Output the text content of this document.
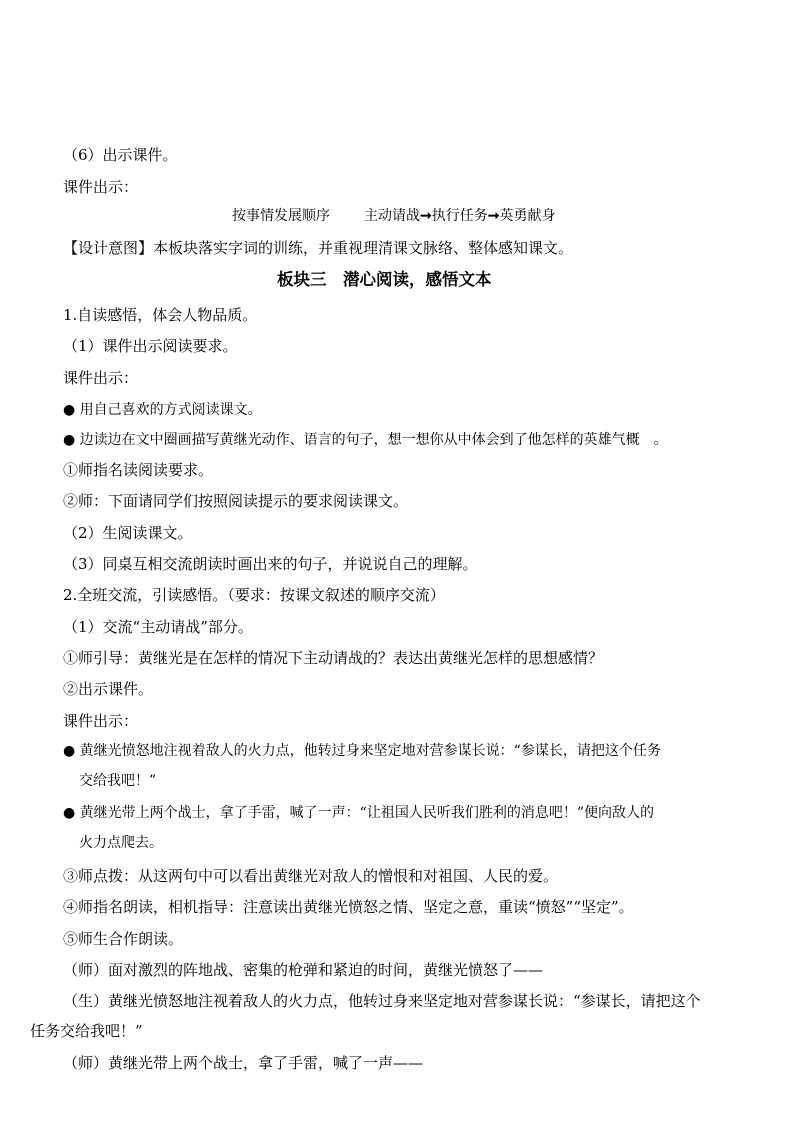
（6）出示课件。
课件出示：
按事情发展顺序 主动请战➞执行任务➞英勇献身
【设计意图】本板块落实字词的训练，并重视理清课文脉络、整体感知课文。
板块三　潜心阅读，感悟文本
1.自读感悟，体会人物品质。
（1）课件出示阅读要求。
课件出示：
● 用自己喜欢的方式阅读课文。
● 边读边在文中圈画描写黄继光动作、语言的句子，想一想你从中体会到了他怎样的英雄气概　。
①师指名读阅读要求。
②师：下面请同学们按照阅读提示的要求阅读课文。
（2）生阅读课文。
（3）同桌互相交流朗读时画出来的句子，并说说自己的理解。
2.全班交流，引读感悟。（要求：按课文叙述的顺序交流）
（1）交流“主动请战”部分。
①师引导：黄继光是在怎样的情况下主动请战的？表达出黄继光怎样的思想感情？
②出示课件。
课件出示：
● 黄继光愤怒地注视着敌人的火力点，他转过身来坚定地对营参谋长说：“参谋长，请把这个任务
交给我吧！”
● 黄继光带上两个战士，拿了手雷，喊了一声：“让祖国人民听我们胜利的消息吧！”便向敌人的
火力点爬去。
③师点拨：从这两句中可以看出黄继光对敌人的憎恨和对祖国、人民的爱。
④师指名朗读，相机指导：注意读出黄继光愤怒之情、坚定之意，重读“愤怒”“坚定”。
⑤师生合作朗读。
（师）面对激烈的阵地战、密集的枪弹和紧迫的时间，黄继光愤怒了——
（生）黄继光愤怒地注视着敌人的火力点，他转过身来坚定地对营参谋长说：“参谋长，请把这个
任务交给我吧！”
（师）黄继光带上两个战士，拿了手雷，喊了一声——
